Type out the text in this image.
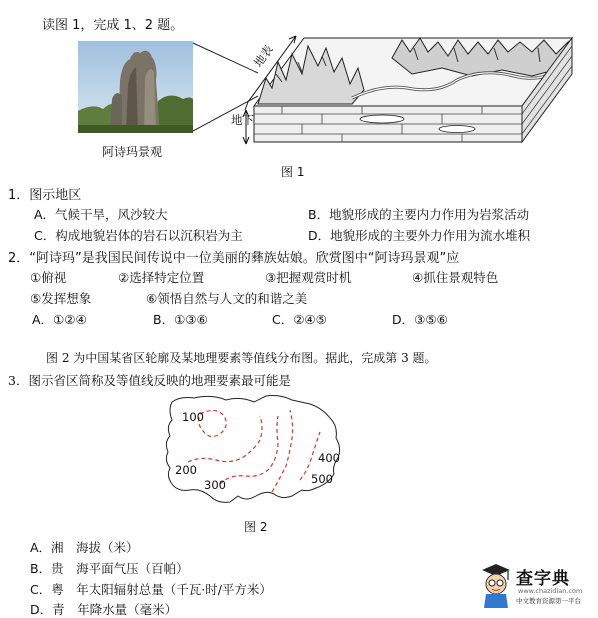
读图 1，完成 1、2 题。
阿诗玛景观
地表
地下
图 1
1．图示地区
A．气候干旱，风沙较大	B．地貌形成的主要内力作用为岩浆活动
C．构成地貌岩体的岩石以沉积岩为主	D．地貌形成的主要外力作用为流水堆积
2．“阿诗玛”是我国民间传说中一位美丽的彝族姑娘。欣赏图中“阿诗玛景观”应
①俯视	②选择特定位置	③把握观赏时机	④抓住景观特色
⑤发挥想象	⑥领悟自然与人文的和谐之美
A．①②④	B．①③⑥	C．②④⑤	D．③⑤⑥
图 2 为中国某省区轮廓及某地理要素等值线分布图。据此，完成第 3 题。
3．图示省区简称及等值线反映的地理要素最可能是
100
200
300
400
500
图 2
A．湘　海拔（米）
B．贵　海平面气压（百帕）
C．粤　年太阳辐射总量（千瓦·时/平方米）
D．青　年降水量（毫米）
查字典
www.chazidian.com
中文教育资源第一平台
